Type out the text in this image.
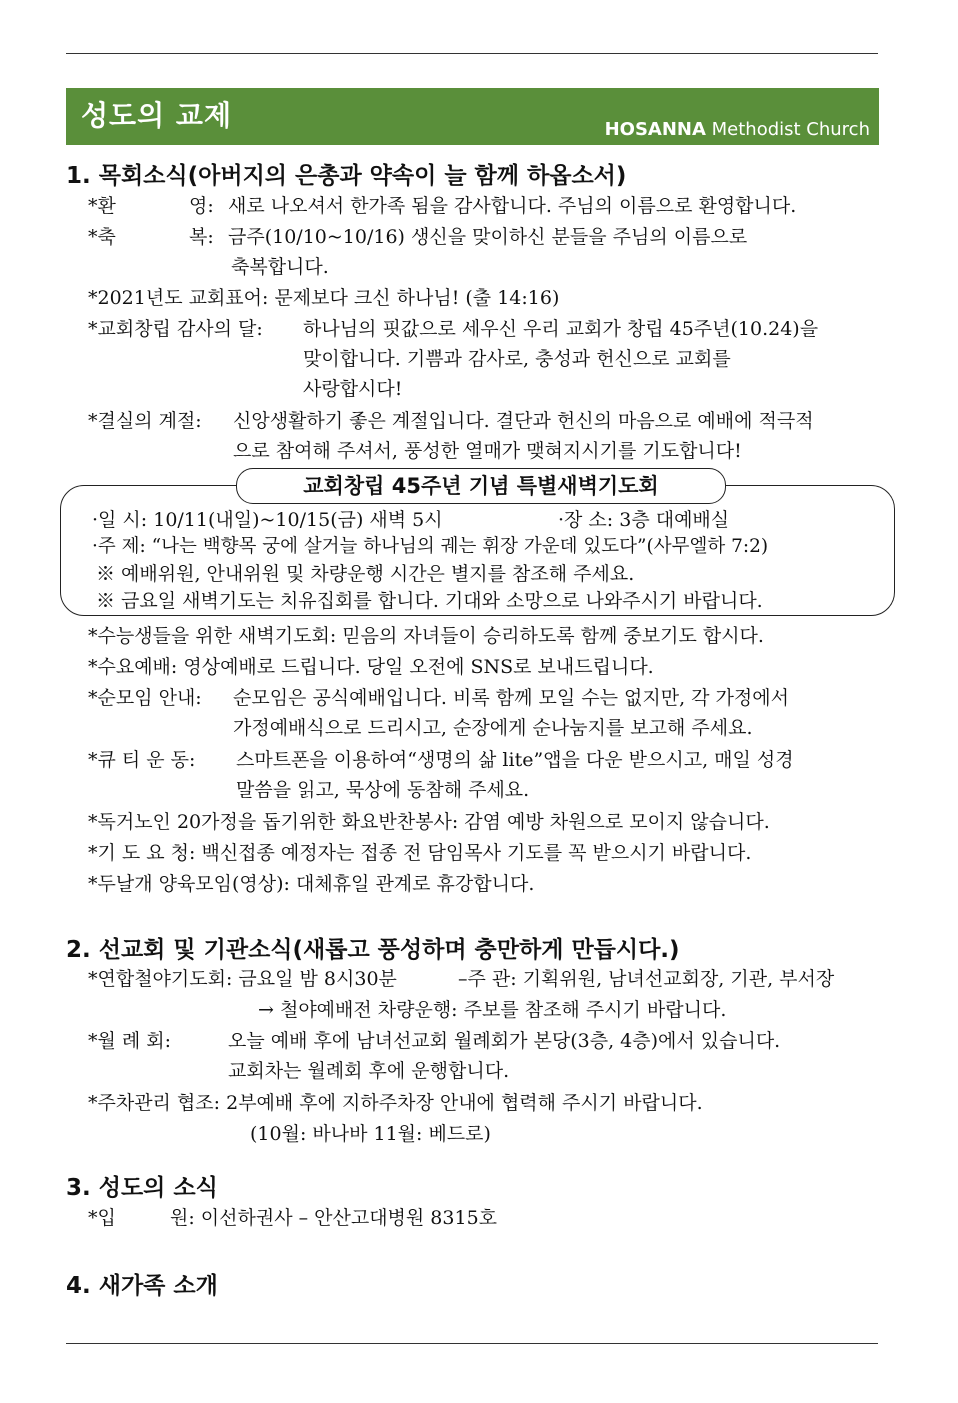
성도의 교제	HOSANNA Methodist Church
1. 목회소식(아버지의 은총과 약속이 늘 함께 하옵소서)
*환	영: 새로 나오셔서 한가족 됨을 감사합니다. 주님의 이름으로 환영합니다.
*축	복: 금주(10/10~10/16) 생신을 맞이하신 분들을 주님의 이름으로
축복합니다.
*2021년도 교회표어: 문제보다 크신 하나님! (출 14:16)
*교회창립 감사의 달: 하나님의 핏값으로 세우신 우리 교회가 창립 45주년(10.24)을
맞이합니다. 기쁨과 감사로, 충성과 헌신으로 교회를
사랑합시다!
*결실의 계절: 신앙생활하기 좋은 계절입니다. 결단과 헌신의 마음으로 예배에 적극적
으로 참여해 주셔서, 풍성한 열매가 맺혀지시기를 기도합니다!
교회창립 45주년 기념 특별새벽기도회
·일 시: 10/11(내일)~10/15(금) 새벽 5시	·장 소: 3층 대예배실
·주 제: “나는 백향목 궁에 살거늘 하나님의 궤는 휘장 가운데 있도다”(사무엘하 7:2)
※ 예배위원, 안내위원 및 차량운행 시간은 별지를 참조해 주세요.
※ 금요일 새벽기도는 치유집회를 합니다. 기대와 소망으로 나와주시기 바랍니다.
*수능생들을 위한 새벽기도회: 믿음의 자녀들이 승리하도록 함께 중보기도 합시다.
*수요예배: 영상예배로 드립니다. 당일 오전에 SNS로 보내드립니다.
*순모임 안내: 순모임은 공식예배입니다. 비록 함께 모일 수는 없지만, 각 가정에서
가정예배식으로 드리시고, 순장에게 순나눔지를 보고해 주세요.
*큐 티 운 동: 스마트폰을 이용하여“생명의 삶 lite”앱을 다운 받으시고, 매일 성경
말씀을 읽고, 묵상에 동참해 주세요.
*독거노인 20가정을 돕기위한 화요반찬봉사: 감염 예방 차원으로 모이지 않습니다.
*기 도 요 청: 백신접종 예정자는 접종 전 담임목사 기도를 꼭 받으시기 바랍니다.
*두날개 양육모임(영상): 대체휴일 관계로 휴강합니다.
2. 선교회 및 기관소식(새롭고 풍성하며 충만하게 만듭시다.)
*연합철야기도회: 금요일 밤 8시30분	–주 관: 기획위원, 남녀선교회장, 기관, 부서장
→ 철야예배전 차량운행: 주보를 참조해 주시기 바랍니다.
*월 례 회:	오늘 예배 후에 남녀선교회 월례회가 본당(3층, 4층)에서 있습니다.
교회차는 월례회 후에 운행합니다.
*주차관리 협조: 2부예배 후에 지하주차장 안내에 협력해 주시기 바랍니다.
(10월: 바나바 11월: 베드로)
3. 성도의 소식
*입	원: 이선하권사 – 안산고대병원 8315호
4. 새가족 소개
